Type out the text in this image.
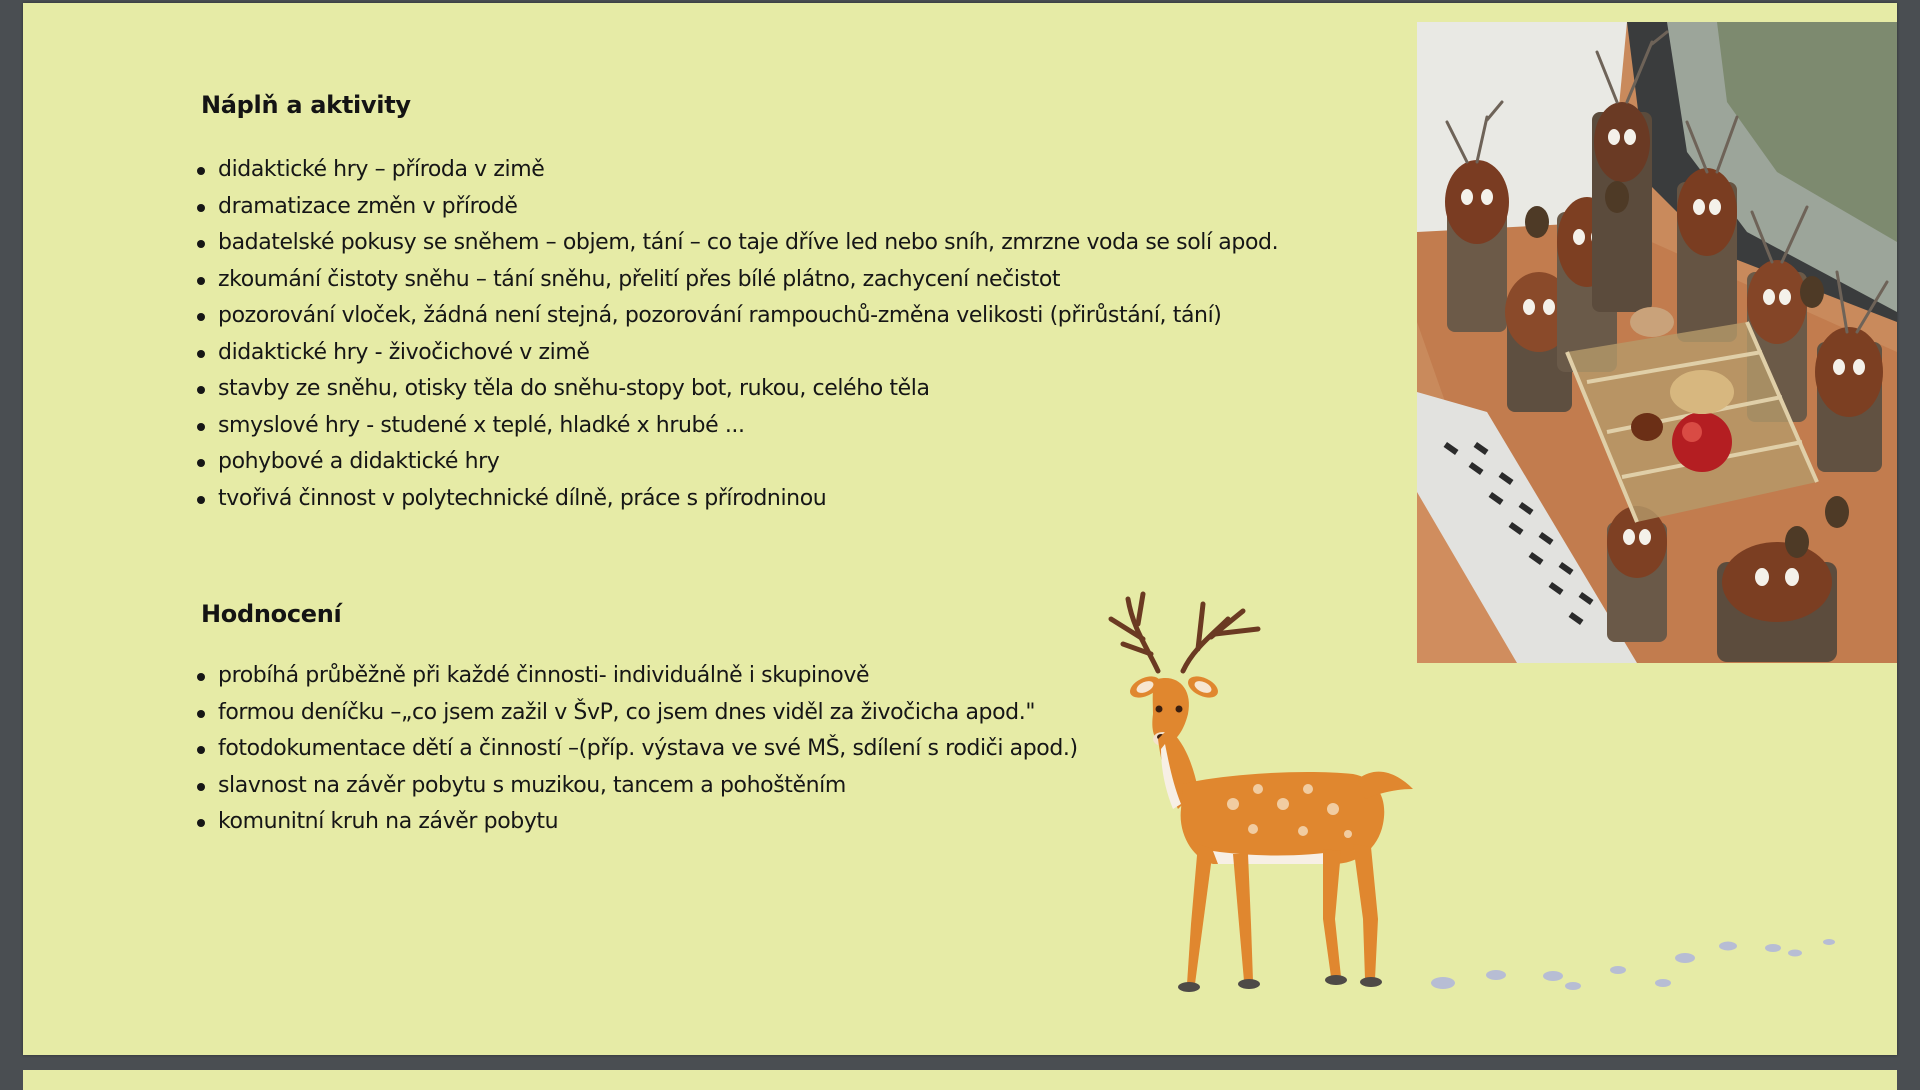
Náplň a aktivity
didaktické hry – příroda v zimě
dramatizace změn v přírodě
badatelské pokusy se sněhem – objem, tání – co taje dříve led nebo sníh, zmrzne voda se solí apod.
zkoumání čistoty sněhu – tání sněhu, přelití přes bílé plátno, zachycení nečistot
pozorování vloček, žádná není stejná, pozorování rampouchů-změna velikosti (přirůstání, tání)
didaktické hry - živočichové v zimě
stavby ze sněhu, otisky těla do sněhu-stopy bot, rukou, celého těla
smyslové hry - studené x teplé, hladké x hrubé ...
pohybové a didaktické hry
tvořivá činnost v polytechnické dílně, práce s přírodninou
Hodnocení
probíhá průběžně při každé činnosti- individuálně i skupinově
formou deníčku –„co jsem zažil v ŠvP, co jsem dnes viděl za živočicha apod."
fotodokumentace dětí a činností –(příp. výstava ve své MŠ, sdílení s rodiči apod.)
slavnost na závěr pobytu s muzikou, tancem a pohoštěním
komunitní kruh na závěr pobytu
